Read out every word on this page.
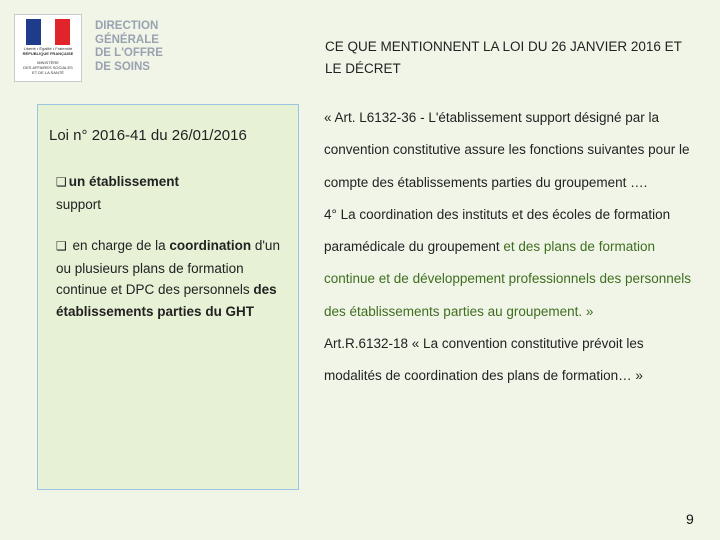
Liberté • Égalité • Fraternité
RÉPUBLIQUE FRANÇAISE
MINISTÈRE
DES AFFAIRES SOCIALES
ET DE LA SANTÉ
DIRECTION
GÉNÉRALE
DE L'OFFRE
DE SOINS
CE QUE MENTIONNENT LA LOI DU 26 JANVIER 2016 ET LE DÉCRET
Loi n° 2016-41 du 26/01/2016
❑ un établissement
support
❑ en charge de la coordination d'un ou plusieurs plans de formation continue et DPC des personnels des établissements parties du GHT

« Art. L6132-36 - L'établissement support désigné par la convention constitutive assure les fonctions suivantes pour le compte des établissements parties du groupement ….

4° La coordination des instituts et des écoles de formation paramédicale du groupement et des plans de formation continue et de développement professionnels des personnels des établissements parties au groupement. »

Art.R.6132-18 « La convention constitutive prévoit les modalités de coordination des plans de formation… »

9
